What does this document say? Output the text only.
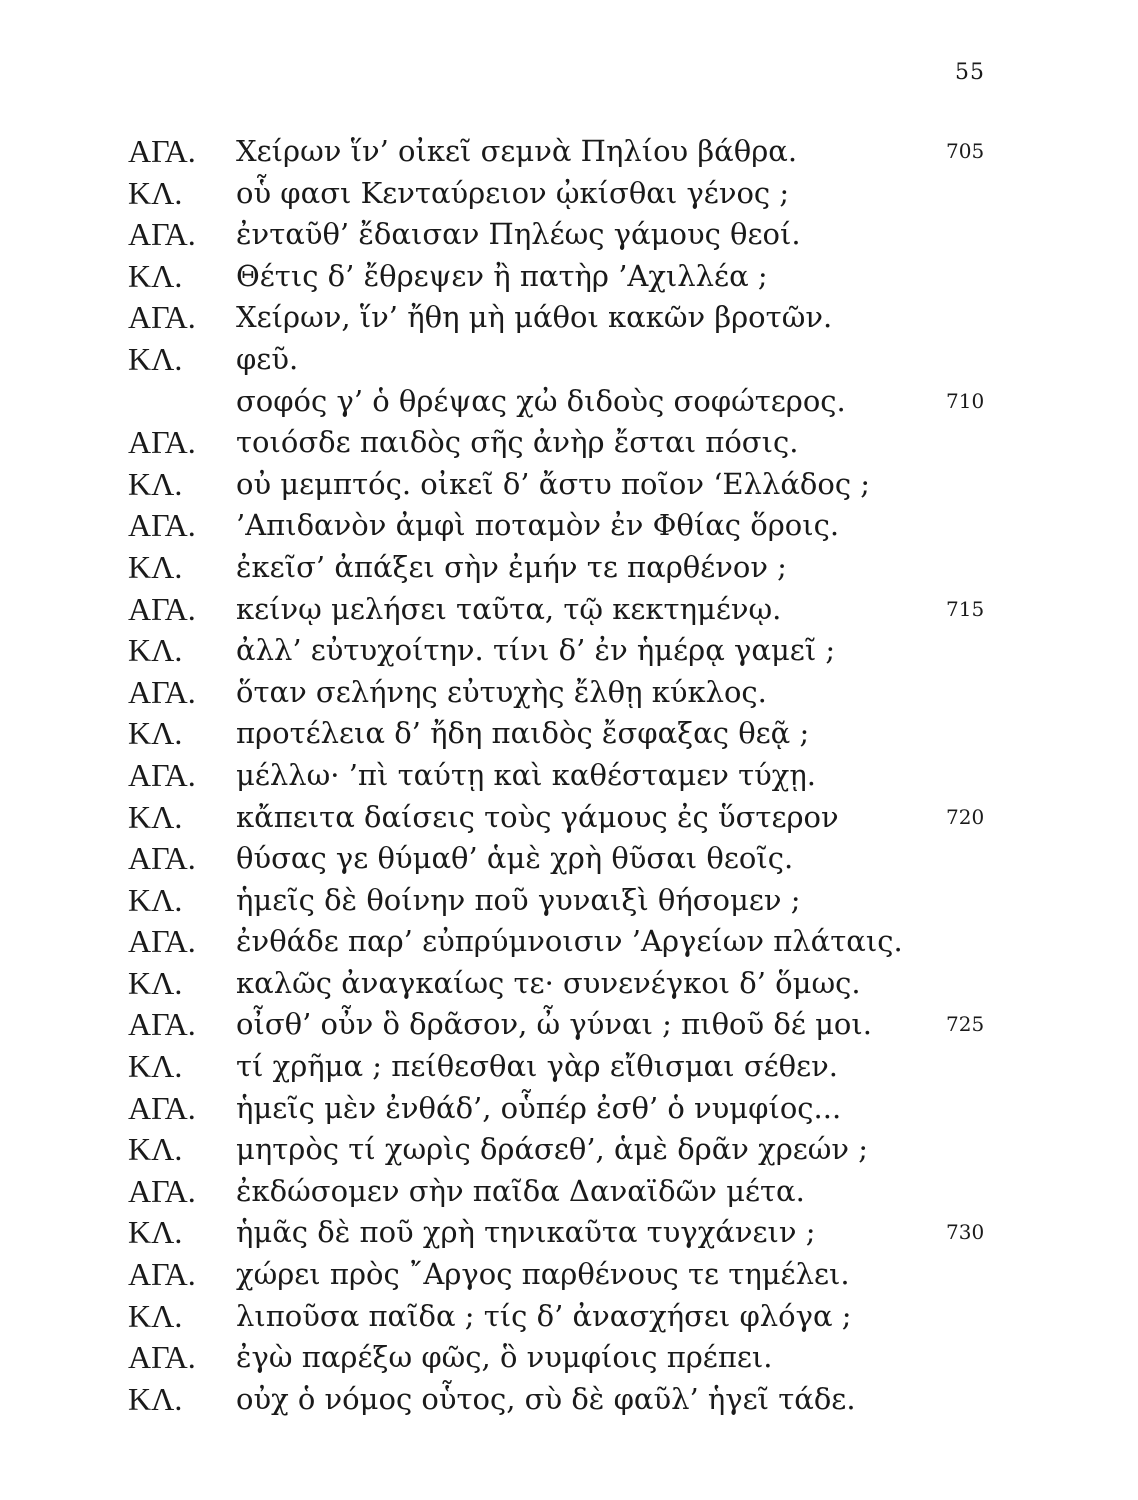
55
ΑΓΑ.	Χείρων ἵν’ οἰκεῖ σεμνὰ Πηλίου βάθρα.	705
ΚΛ.	οὗ φασι Κενταύρειον ᾠκίσθαι γένος ;
ΑΓΑ.	ἐνταῦθ’ ἔδαισαν Πηλέως γάμους θεοί.
ΚΛ.	Θέτις δ’ ἔθρεψεν ἢ πατὴρ ’Αχιλλέα ;
ΑΓΑ.	Χείρων, ἵν’ ἤθη μὴ μάθοι κακῶν βροτῶν.
ΚΛ.	φεῦ.
σοφός γ’ ὁ θρέψας χὠ διδοὺς σοφώτερος.	710
ΑΓΑ.	τοιόσδε παιδὸς σῆς ἀνὴρ ἔσται πόσις.
ΚΛ.	οὐ μεμπτός. οἰκεῖ δ’ ἄστυ ποῖον ‘Ελλάδος ;
ΑΓΑ.	’Απιδανὸν ἀμφὶ ποταμὸν ἐν Φθίας ὅροις.
ΚΛ.	ἐκεῖσ’ ἀπάξει σὴν ἐμήν τε παρθένον ;
ΑΓΑ.	κείνῳ μελήσει ταῦτα, τῷ κεκτημένῳ.	715
ΚΛ.	ἀλλ’ εὐτυχοίτην. τίνι δ’ ἐν ἡμέρᾳ γαμεῖ ;
ΑΓΑ.	ὅταν σελήνης εὐτυχὴς ἔλθῃ κύκλος.
ΚΛ.	προτέλεια δ’ ἤδη παιδὸς ἔσφαξας θεᾷ ;
ΑΓΑ.	μέλλω· ’πὶ ταύτῃ καὶ καθέσταμεν τύχῃ.
ΚΛ.	κἄπειτα δαίσεις τοὺς γάμους ἐς ὕστερον	720
ΑΓΑ.	θύσας γε θύμαθ’ ἁμὲ χρὴ θῦσαι θεοῖς.
ΚΛ.	ἡμεῖς δὲ θοίνην ποῦ γυναιξὶ θήσομεν ;
ΑΓΑ.	ἐνθάδε παρ’ εὐπρύμνοισιν ’Αργείων πλάταις.
ΚΛ.	καλῶς ἀναγκαίως τε· συνενέγκοι δ’ ὅμως.
ΑΓΑ.	οἶσθ’ οὖν ὃ δρᾶσον, ὦ γύναι ; πιθοῦ δέ μοι.	725
ΚΛ.	τί χρῆμα ; πείθεσθαι γὰρ εἴθισμαι σέθεν.
ΑΓΑ.	ἡμεῖς μὲν ἐνθάδ’, οὗπέρ ἐσθ’ ὁ νυμφίος...
ΚΛ.	μητρὸς τί χωρὶς δράσεθ’, ἁμὲ δρᾶν χρεών ;
ΑΓΑ.	ἐκδώσομεν σὴν παῖδα Δαναϊδῶν μέτα.
ΚΛ.	ἡμᾶς δὲ ποῦ χρὴ τηνικαῦτα τυγχάνειν ;	730
ΑΓΑ.	χώρει πρὸς ῎Αργος παρθένους τε τημέλει.
ΚΛ.	λιποῦσα παῖδα ; τίς δ’ ἀνασχήσει φλόγα ;
ΑΓΑ.	ἐγὼ παρέξω φῶς, ὃ νυμφίοις πρέπει.
ΚΛ.	οὐχ ὁ νόμος οὗτος, σὺ δὲ φαῦλ’ ἡγεῖ τάδε.
